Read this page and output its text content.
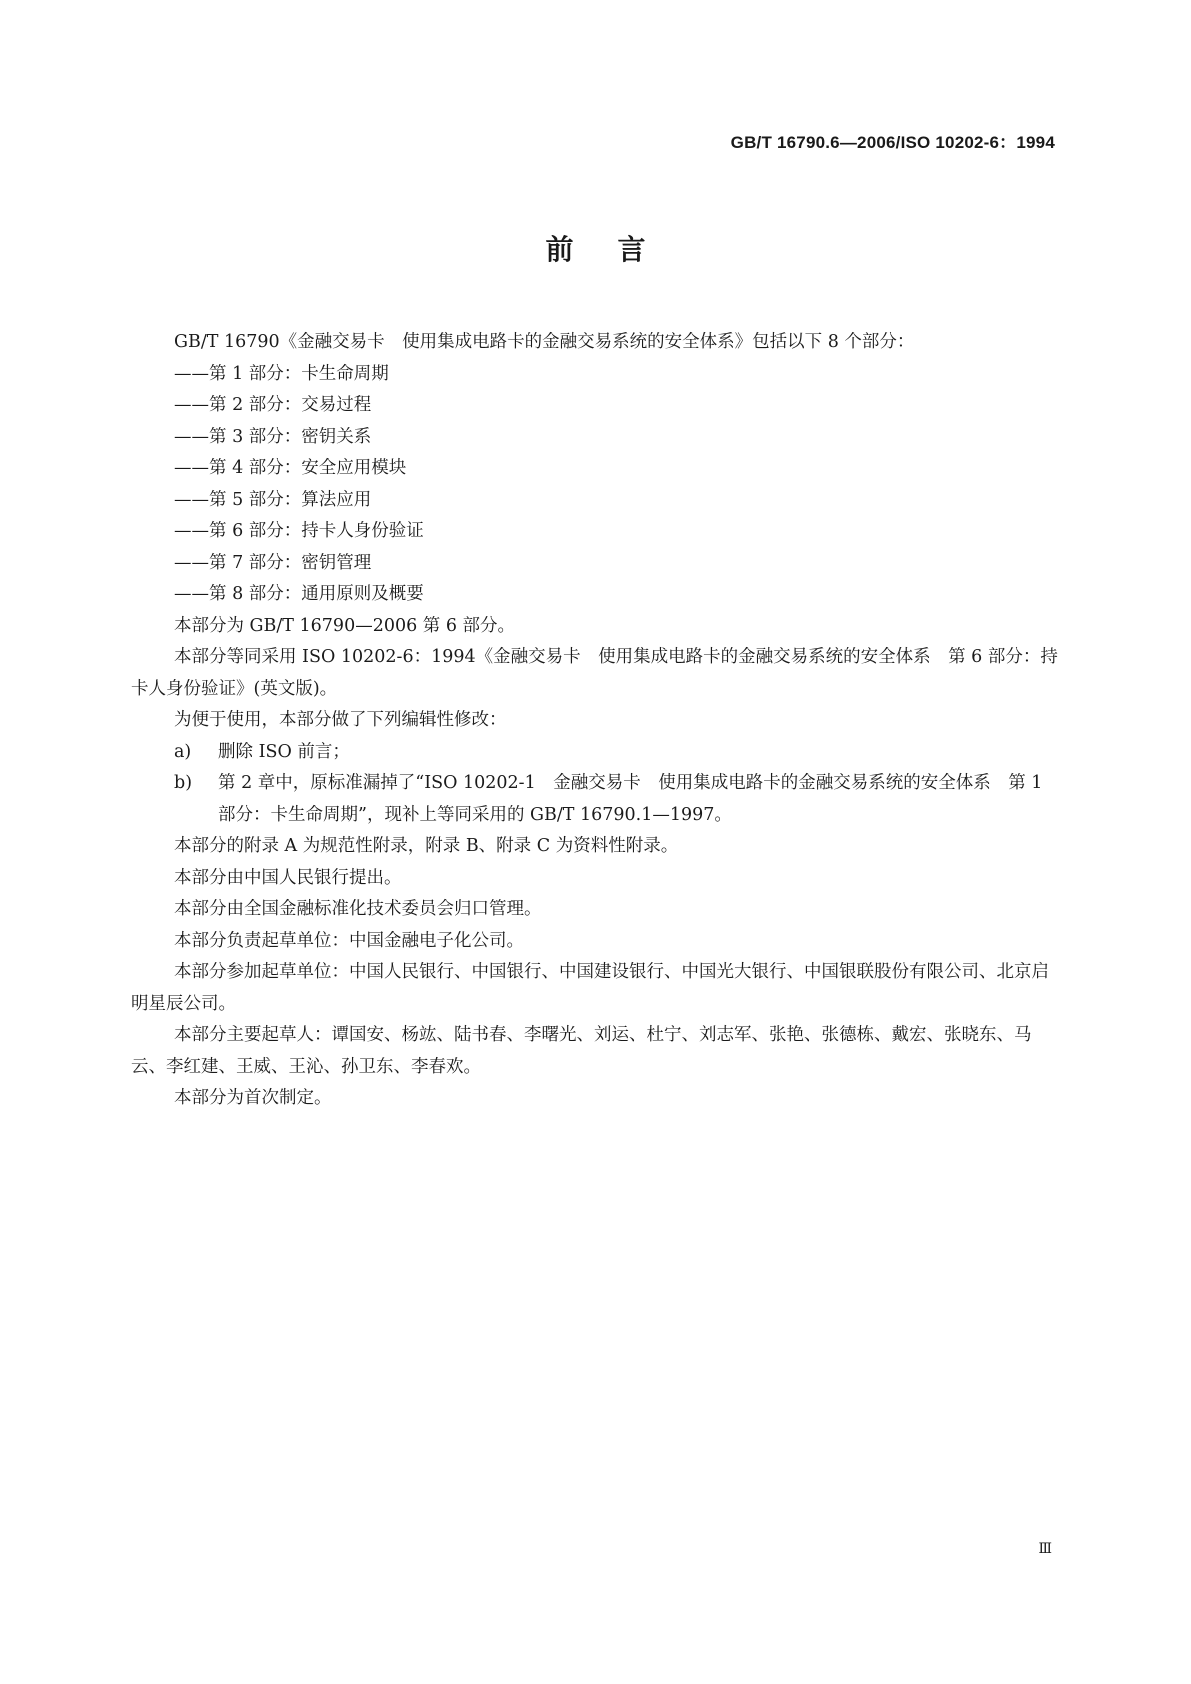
GB/T 16790.6—2006/ISO 10202-6：1994
前言

GB/T 16790《金融交易卡　使用集成电路卡的金融交易系统的安全体系》包括以下 8 个部分：

——第 1 部分：卡生命周期

——第 2 部分：交易过程

——第 3 部分：密钥关系

——第 4 部分：安全应用模块

——第 5 部分：算法应用

——第 6 部分：持卡人身份验证

——第 7 部分：密钥管理

——第 8 部分：通用原则及概要

本部分为 GB/T 16790—2006 第 6 部分。

本部分等同采用 ISO 10202-6：1994《金融交易卡　使用集成电路卡的金融交易系统的安全体系　第 6 部分：持卡人身份验证》(英文版)。

为便于使用，本部分做了下列编辑性修改：

a)	删除 ISO 前言；
b)	第 2 章中，原标准漏掉了“ISO 10202-1　金融交易卡　使用集成电路卡的金融交易系统的安全体系　第 1 部分：卡生命周期”，现补上等同采用的 GB/T 16790.1—1997。

本部分的附录 A 为规范性附录，附录 B、附录 C 为资料性附录。

本部分由中国人民银行提出。

本部分由全国金融标准化技术委员会归口管理。

本部分负责起草单位：中国金融电子化公司。

本部分参加起草单位：中国人民银行、中国银行、中国建设银行、中国光大银行、中国银联股份有限公司、北京启明星辰公司。

本部分主要起草人：谭国安、杨竑、陆书春、李曙光、刘运、杜宁、刘志军、张艳、张德栋、戴宏、张晓东、马云、李红建、王威、王沁、孙卫东、李春欢。

本部分为首次制定。

Ⅲ
